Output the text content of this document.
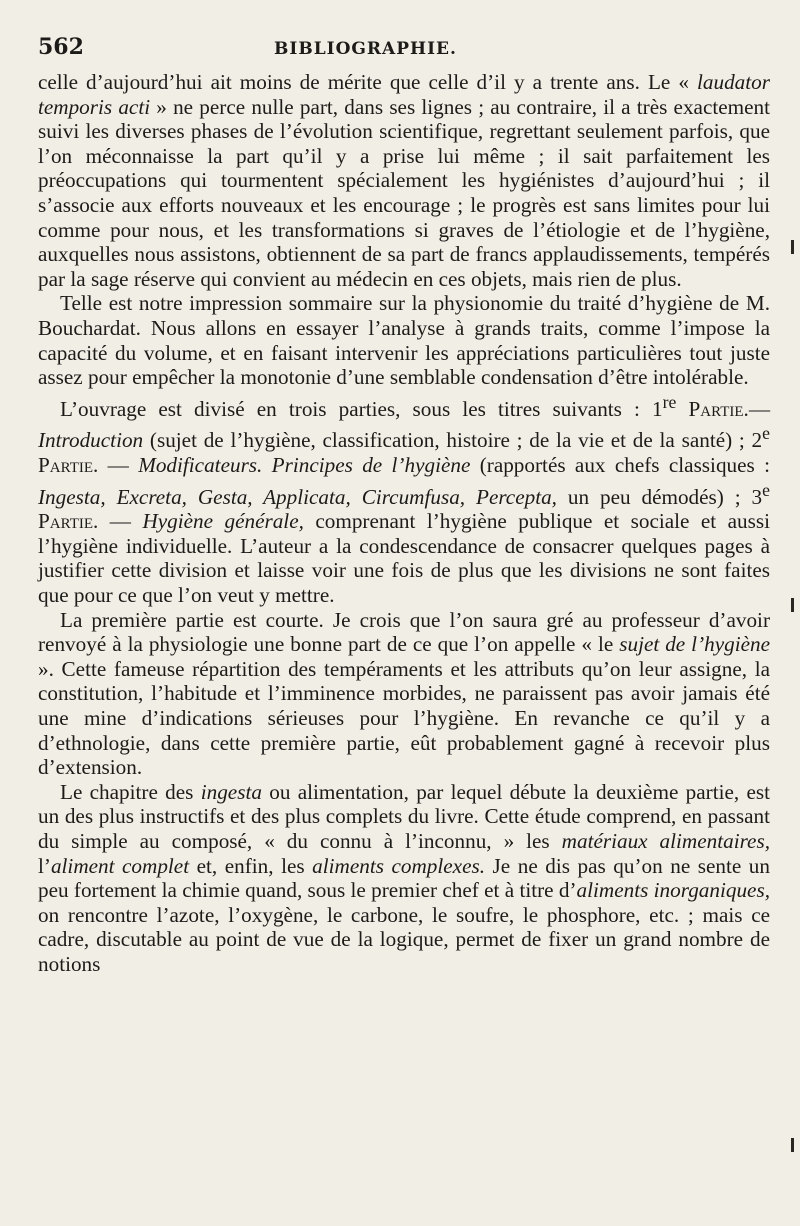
562	BIBLIOGRAPHIE.

celle d’aujourd’hui ait moins de mérite que celle d’il y a trente ans. Le « laudator temporis acti » ne perce nulle part, dans ses lignes ; au contraire, il a très exactement suivi les diverses phases de l’évolution scientifique, regrettant seulement parfois, que l’on méconnaisse la part qu’il y a prise lui même ; il sait parfaitement les préoccupations qui tourmentent spécialement les hygiénistes d’aujourd’hui ; il s’associe aux efforts nouveaux et les encourage ; le progrès est sans limites pour lui comme pour nous, et les transformations si graves de l’étiologie et de l’hygiène, auxquelles nous assistons, obtiennent de sa part de francs applaudissements, tempérés par la sage réserve qui convient au médecin en ces objets, mais rien de plus.

Telle est notre impression sommaire sur la physionomie du traité d’hygiène de M. Bouchardat. Nous allons en essayer l’analyse à grands traits, comme l’impose la capacité du volume, et en faisant intervenir les appréciations particulières tout juste assez pour empêcher la monotonie d’une semblable condensation d’être intolérable.

L’ouvrage est divisé en trois parties, sous les titres suivants : 1re Partie.—Introduction (sujet de l’hygiène, classification, histoire ; de la vie et de la santé) ; 2e Partie. — Modificateurs. Principes de l’hygiène (rapportés aux chefs classiques : Ingesta, Excreta, Gesta, Applicata, Circumfusa, Percepta, un peu démodés) ; 3e Partie. — Hygiène générale, comprenant l’hygiène publique et sociale et aussi l’hygiène individuelle. L’auteur a la condescendance de consacrer quelques pages à justifier cette division et laisse voir une fois de plus que les divisions ne sont faites que pour ce que l’on veut y mettre.

La première partie est courte. Je crois que l’on saura gré au professeur d’avoir renvoyé à la physiologie une bonne part de ce que l’on appelle « le sujet de l’hygiène ». Cette fameuse répartition des tempéraments et les attributs qu’on leur assigne, la constitution, l’habitude et l’imminence morbides, ne paraissent pas avoir jamais été une mine d’indications sérieuses pour l’hygiène. En revanche ce qu’il y a d’ethnologie, dans cette première partie, eût probablement gagné à recevoir plus d’extension.

Le chapitre des ingesta ou alimentation, par lequel débute la deuxième partie, est un des plus instructifs et des plus complets du livre. Cette étude comprend, en passant du simple au composé, « du connu à l’inconnu, » les matériaux alimentaires, l’aliment complet et, enfin, les aliments complexes. Je ne dis pas qu’on ne sente un peu fortement la chimie quand, sous le premier chef et à titre d’aliments inorganiques, on rencontre l’azote, l’oxygène, le carbone, le soufre, le phosphore, etc. ; mais ce cadre, discutable au point de vue de la logique, permet de fixer un grand nombre de notions
